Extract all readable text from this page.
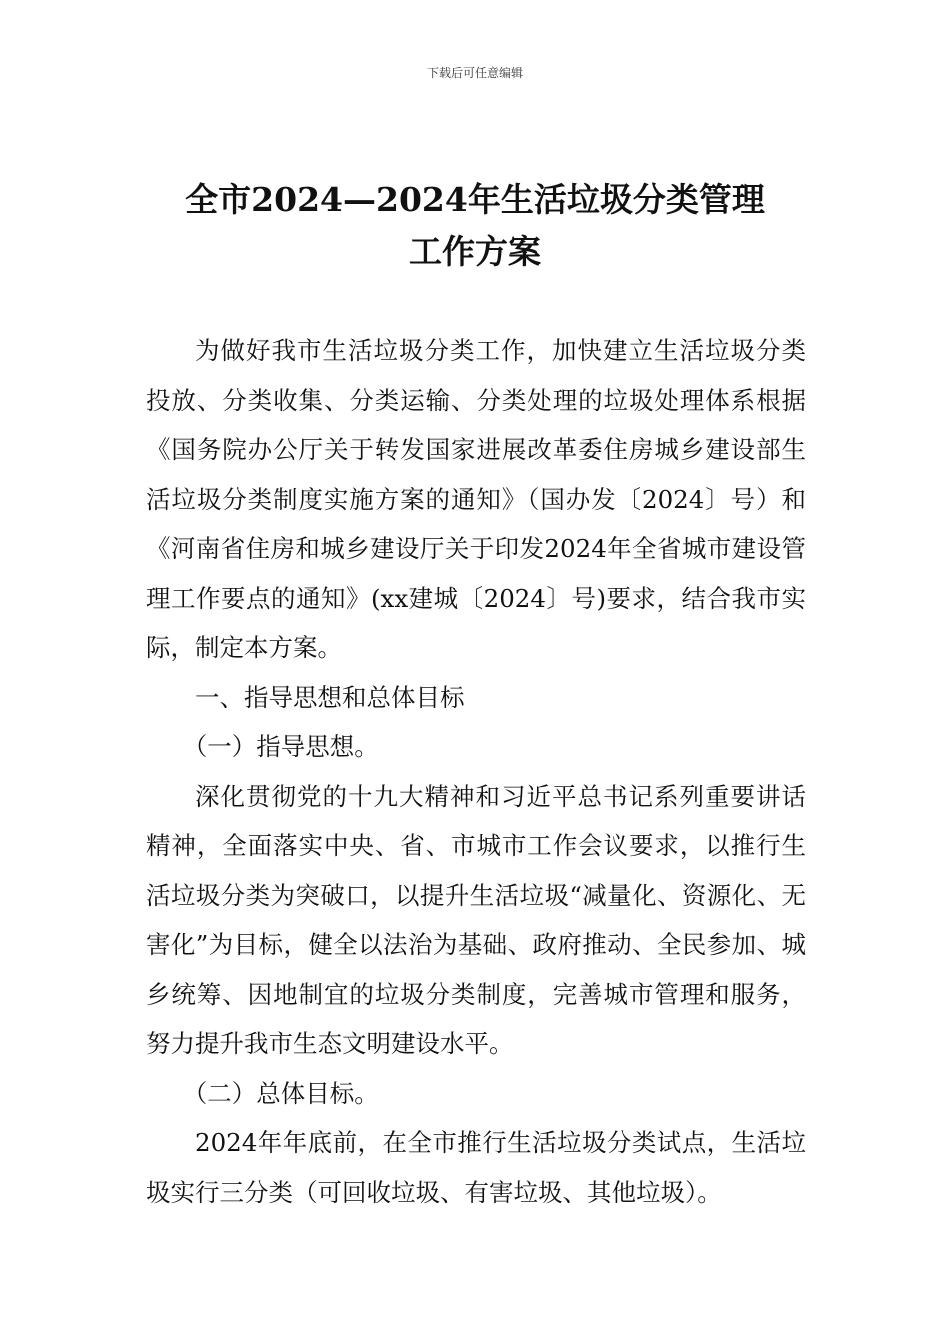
下载后可任意编辑
全市2024—2024年生活垃圾分类管理
工作方案

为做好我市生活垃圾分类工作，加快建立生活垃圾分类投放、分类收集、分类运输、分类处理的垃圾处理体系根据《国务院办公厅关于转发国家进展改革委住房城乡建设部生活垃圾分类制度实施方案的通知》（国办发〔2024〕号）和《河南省住房和城乡建设厅关于印发2024年全省城市建设管理工作要点的通知》(xx建城〔2024〕号)要求，结合我市实际，制定本方案。

一、指导思想和总体目标

（一）指导思想。

深化贯彻党的十九大精神和习近平总书记系列重要讲话精神，全面落实中央、省、市城市工作会议要求，以推行生活垃圾分类为突破口，以提升生活垃圾“减量化、资源化、无害化”为目标，健全以法治为基础、政府推动、全民参加、城乡统筹、因地制宜的垃圾分类制度，完善城市管理和服务，努力提升我市生态文明建设水平。

（二）总体目标。

2024年年底前，在全市推行生活垃圾分类试点，生活垃圾实行三分类（可回收垃圾、有害垃圾、其他垃圾）。
